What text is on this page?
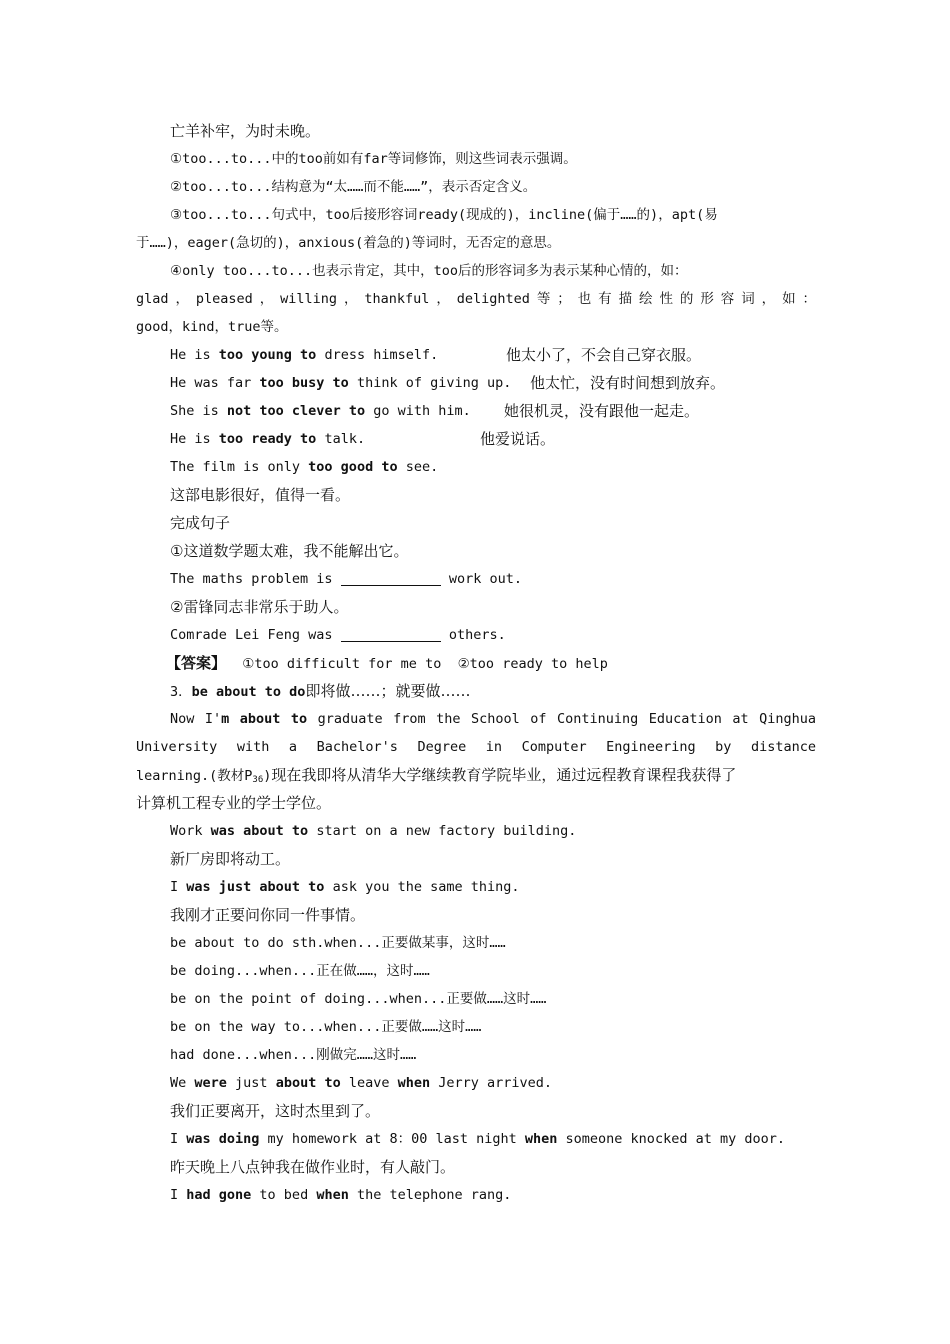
亡羊补牢，为时未晚。
①too...to...中的too前如有far等词修饰，则这些词表示强调。
②too...to...结构意为“太……而不能……”，表示否定含义。
③too...to...句式中，too后接形容词ready(现成的)，incline(偏于……的)，apt(易
于……)，eager(急切的)，anxious(着急的)等词时，无否定的意思。
④only too...to...也表示肯定，其中，too后的形容词多为表示某种心情的，如：
glad，pleased，willing，thankful，delighted等；也有描绘性的形容词，如：
good，kind，true等。
He is too young to dress himself.	他太小了，不会自己穿衣服。
He was far too busy to think of giving up. 他太忙，没有时间想到放弃。
She is not too clever to go with him. 她很机灵，没有跟他一起走。
He is too ready to talk.	他爱说话。
The film is only too good to see.
这部电影很好，值得一看。
完成句子
①这道数学题太难，我不能解出它。
The maths problem is	work out.
②雷锋同志非常乐于助人。
Comrade Lei Feng was	others.
【答案】 ①too difficult for me to  ②too ready to help
3．be about to do即将做……；就要做……
Now I'm about to graduate from the School of Continuing Education at Qinghua
University with a Bachelor's Degree in Computer Engineering by distance
learning.(教材$P_{36}$)现在我即将从清华大学继续教育学院毕业，通过远程教育课程我获得了
计算机工程专业的学士学位。
Work was about to start on a new factory building.
新厂房即将动工。
I was just about to ask you the same thing.
我刚才正要问你同一件事情。
be about to do sth.when...正要做某事，这时……
be doing...when...正在做……，这时……
be on the point of doing...when...正要做……这时……
be on the way to...when...正要做……这时……
had done...when...刚做完……这时……
We were just about to leave when Jerry arrived.
我们正要离开，这时杰里到了。
I was doing my homework at 8：00 last night when someone knocked at my door.
昨天晚上八点钟我在做作业时，有人敲门。
I had gone to bed when the telephone rang.
